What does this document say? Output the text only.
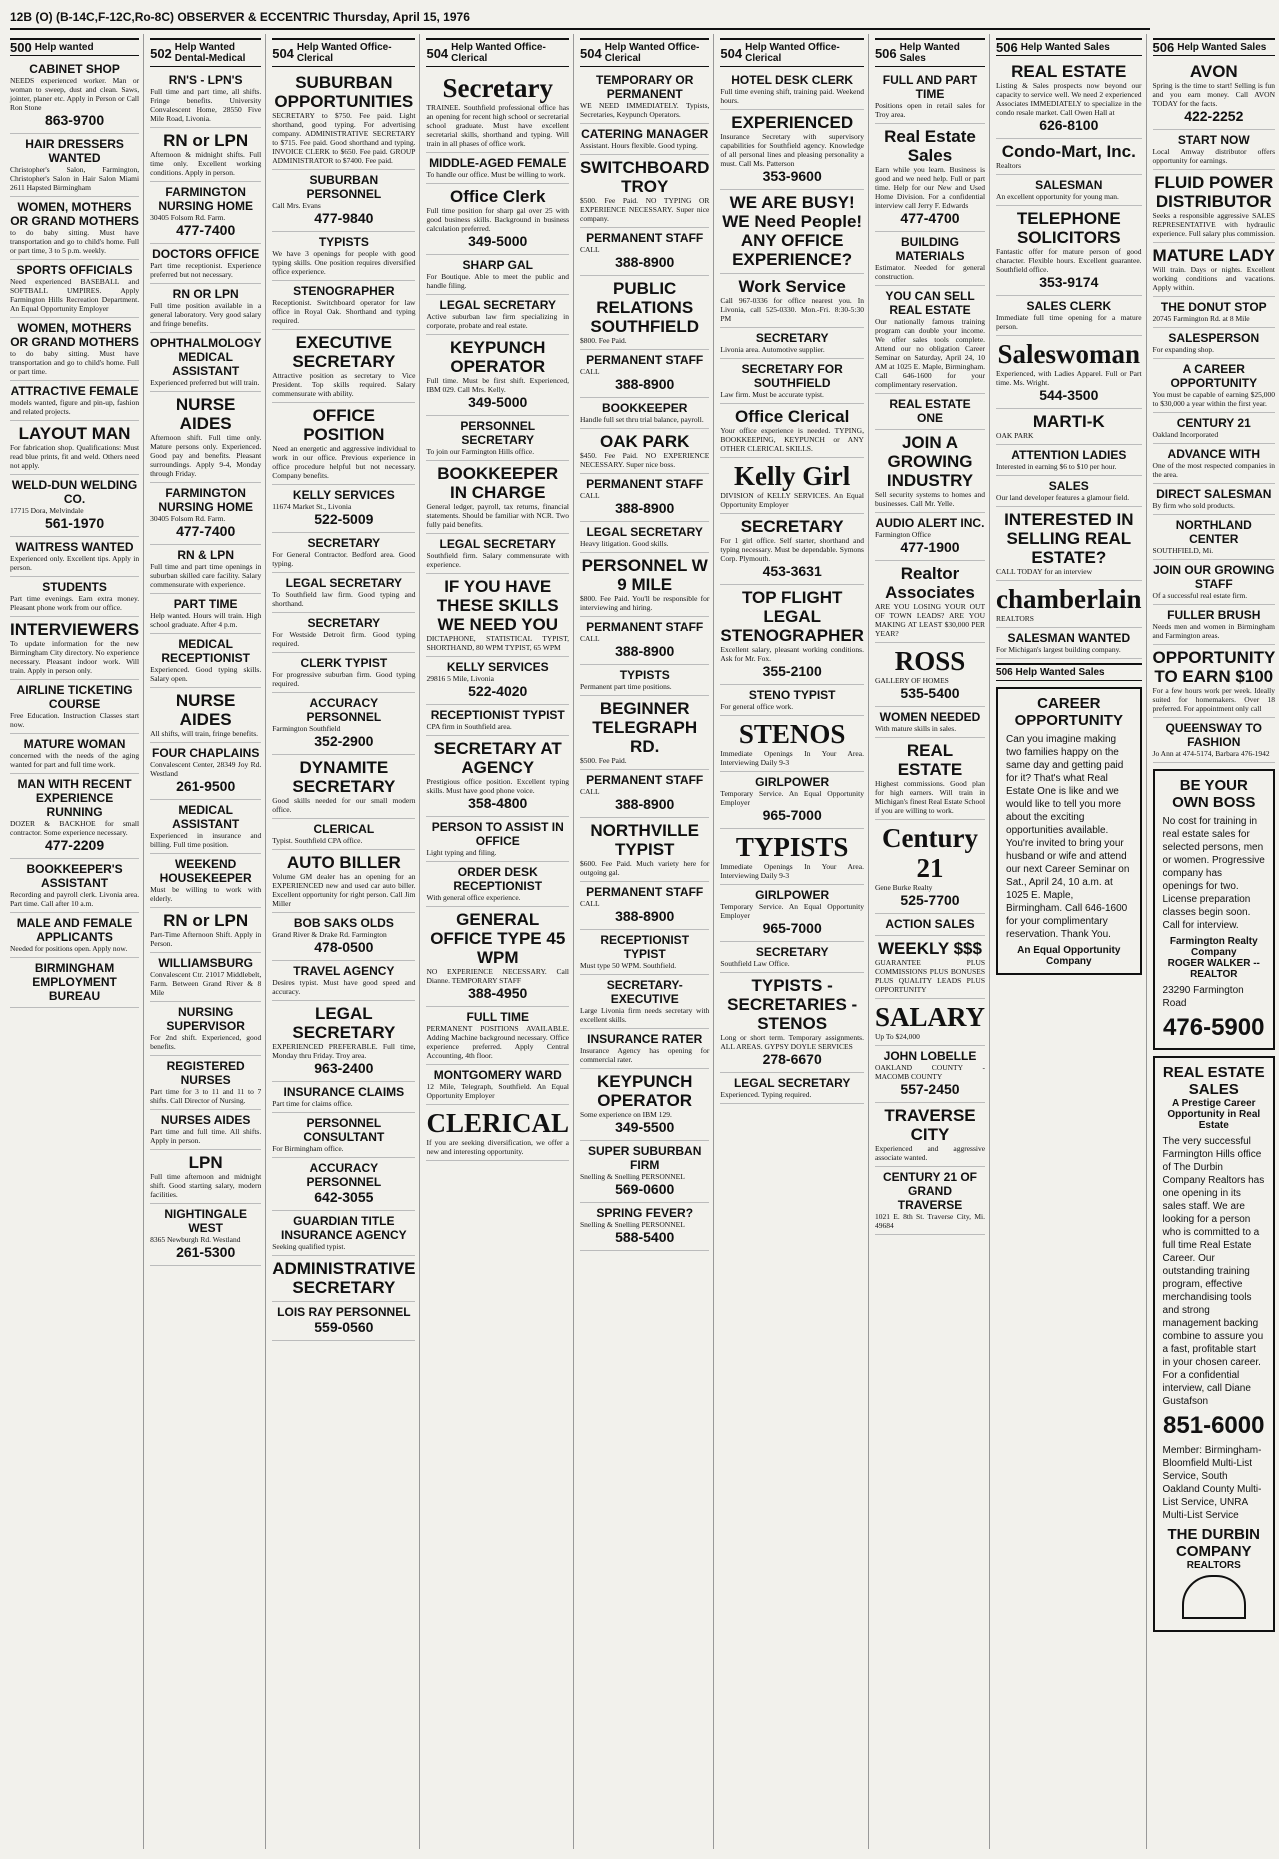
12B (O) (B-14C,F-12C,Ro-8C) OBSERVER & ECCENTRIC Thursday, April 15, 1976
500 Help wanted
CABINET SHOP
NEEDS experienced worker. Man or woman to sweep, dust and clean. Saws, jointer, planer etc. Apply in Person or Call Ron Stone
863-9700
HAIR DRESSERS WANTED
Christopher's Salon, Farmington, Christopher's Salon in Hair Salon Miami 2611 Hapsted Birmingham
WOMEN, MOTHERS OR GRAND MOTHERS
to do baby sitting. Must have transportation and go to child's home. Full or part time, 3 to 5 p.m. weekly.
SPORTS OFFICIALS
Need experienced BASEBALL and SOFTBALL UMPIRES. Apply Farmington Hills Recreation Department. An Equal Opportunity Employer
WOMEN, MOTHERS OR GRAND MOTHERS
to do baby sitting. Must have transportation and go to child's home. Full or part time.
ATTRACTIVE FEMALE
models wanted, figure and pin-up, fashion and related projects.
LAYOUT MAN
For fabrication shop. Qualifications: Must read blue prints, fit and weld. Others need not apply.
WELD-DUN WELDING CO.
17715 Dora, Melvindale
561-1970
WAITRESS WANTED
Experienced only. Excellent tips. Apply in person.
STUDENTS
Part time evenings. Earn extra money. Pleasant phone work from our office.
INTERVIEWERS
To update information for the new Birmingham City directory. No experience necessary. Pleasant indoor work. Will train. Apply in person only.
AIRLINE TICKETING COURSE
Free Education. Instruction Classes start now.
MATURE WOMAN
concerned with the needs of the aging wanted for part and full time work.
MAN WITH RECENT EXPERIENCE RUNNING
DOZER & BACKHOE for small contractor. Some experience necessary.
477-2209
BOOKKEEPER'S ASSISTANT
Recording and payroll clerk. Livonia area. Part time. Call after 10 a.m.
MALE AND FEMALE APPLICANTS
Needed for positions open. Apply now.
BIRMINGHAM EMPLOYMENT BUREAU
502 Help Wanted Dental-Medical
RN'S - LPN'S
Full time and part time, all shifts. Fringe benefits. University Convalescent Home, 28550 Five Mile Road, Livonia.
RN or LPN
Afternoon & midnight shifts. Full time only. Excellent working conditions. Apply in person.
FARMINGTON NURSING HOME
30405 Folsom Rd. Farm.
477-7400
DOCTORS OFFICE
Part time receptionist. Experience preferred but not necessary.
RN OR LPN
Full time position available in a general laboratory. Very good salary and fringe benefits.
OPHTHALMOLOGY MEDICAL ASSISTANT
Experienced preferred but will train.
NURSE AIDES
Afternoon shift. Full time only. Mature persons only. Experienced. Good pay and benefits. Pleasant surroundings. Apply 9-4, Monday through Friday.
FARMINGTON NURSING HOME
30405 Folsom Rd. Farm.
477-7400
RN & LPN
Full time and part time openings in suburban skilled care facility. Salary commensurate with experience.
PART TIME
Help wanted. Hours will train. High school graduate. After 4 p.m.
MEDICAL RECEPTIONIST
Experienced. Good typing skills. Salary open.
NURSE AIDES
All shifts, will train, fringe benefits.
FOUR CHAPLAINS
Convalescent Center, 28349 Joy Rd. Westland
261-9500
MEDICAL ASSISTANT
Experienced in insurance and billing. Full time position.
WEEKEND HOUSEKEEPER
Must be willing to work with elderly.
RN or LPN
Part-Time Afternoon Shift. Apply in Person.
WILLIAMSBURG
Convalescent Ctr. 21017 Middlebelt, Farm. Between Grand River & 8 Mile
NURSING SUPERVISOR
For 2nd shift. Experienced, good benefits.
REGISTERED NURSES
Part time for 3 to 11 and 11 to 7 shifts. Call Director of Nursing.
NURSES AIDES
Part time and full time. All shifts. Apply in person.
LPN
Full time afternoon and midnight shift. Good starting salary, modern facilities.
NIGHTINGALE WEST
8365 Newburgh Rd. Westland
261-5300
504 Help Wanted Office-Clerical
SUBURBAN OPPORTUNITIES
SECRETARY to $750. Fee paid. Light shorthand, good typing. For advertising company. ADMINISTRATIVE SECRETARY to $715. Fee paid. Good shorthand and typing. INVOICE CLERK to $650. Fee paid. GROUP ADMINISTRATOR to $7400. Fee paid.
SUBURBAN PERSONNEL
Call Mrs. Evans
477-9840
TYPISTS
We have 3 openings for people with good typing skills. One position requires diversified office experience.
STENOGRAPHER
Receptionist. Switchboard operator for law office in Royal Oak. Shorthand and typing required.
EXECUTIVE SECRETARY
Attractive position as secretary to Vice President. Top skills required. Salary commensurate with ability.
OFFICE POSITION
Need an energetic and aggressive individual to work in our office. Previous experience in office procedure helpful but not necessary. Company benefits.
KELLY SERVICES
11674 Market St., Livonia
522-5009
SECRETARY
For General Contractor. Bedford area. Good typing.
LEGAL SECRETARY
To Southfield law firm. Good typing and shorthand.
SECRETARY
For Westside Detroit firm. Good typing required.
CLERK TYPIST
For progressive suburban firm. Good typing required.
ACCURACY PERSONNEL
Farmington Southfield
352-2900
DYNAMITE SECRETARY
Good skills needed for our small modern office.
CLERICAL
Typist. Southfield CPA office.
AUTO BILLER
Volume GM dealer has an opening for an EXPERIENCED new and used car auto biller. Excellent opportunity for right person. Call Jim Miller
BOB SAKS OLDS
Grand River & Drake Rd. Farmington
478-0500
TRAVEL AGENCY
Desires typist. Must have good speed and accuracy.
LEGAL SECRETARY
EXPERIENCED PREFERABLE. Full time, Monday thru Friday. Troy area.
963-2400
INSURANCE CLAIMS
Part time for claims office.
PERSONNEL CONSULTANT
For Birmingham office.
ACCURACY PERSONNEL
642-3055
GUARDIAN TITLE INSURANCE AGENCY
Seeking qualified typist.
ADMINISTRATIVE SECRETARY
LOIS RAY PERSONNEL
559-0560
504 Help Wanted Office-Clerical
Secretary
TRAINEE. Southfield professional office has an opening for recent high school or secretarial school graduate. Must have excellent secretarial skills, shorthand and typing. Will train in all phases of office work.
MIDDLE-AGED FEMALE
To handle our office. Must be willing to work.
Office Clerk
Full time position for sharp gal over 25 with good business skills. Background in business calculation preferred.
349-5000
SHARP GAL
For Boutique. Able to meet the public and handle filing.
LEGAL SECRETARY
Active suburban law firm specializing in corporate, probate and real estate.
KEYPUNCH OPERATOR
Full time. Must be first shift. Experienced, IBM 029. Call Mrs. Kelly.
349-5000
PERSONNEL SECRETARY
To join our Farmington Hills office.
BOOKKEEPER IN CHARGE
General ledger, payroll, tax returns, financial statements. Should be familiar with NCR. Two fully paid benefits.
LEGAL SECRETARY
Southfield firm. Salary commensurate with experience.
IF YOU HAVE THESE SKILLS WE NEED YOU
DICTAPHONE, STATISTICAL TYPIST, SHORTHAND, 80 WPM TYPIST, 65 WPM
KELLY SERVICES
29816 5 Mile, Livonia
522-4020
RECEPTIONIST TYPIST
CPA firm in Southfield area.
SECRETARY AT AGENCY
Prestigious office position. Excellent typing skills. Must have good phone voice.
358-4800
PERSON TO ASSIST IN OFFICE
Light typing and filing.
ORDER DESK RECEPTIONIST
With general office experience.
GENERAL OFFICE TYPE 45 WPM
NO EXPERIENCE NECESSARY. Call Dianne. TEMPORARY STAFF
388-4950
FULL TIME
PERMANENT POSITIONS AVAILABLE. Adding Machine background necessary. Office experience preferred. Apply Central Accounting, 4th floor.
MONTGOMERY WARD
12 Mile, Telegraph, Southfield. An Equal Opportunity Employer
CLERICAL
If you are seeking diversification, we offer a new and interesting opportunity.
504 Help Wanted Office-Clerical
TEMPORARY OR PERMANENT
WE NEED IMMEDIATELY. Typists, Secretaries, Keypunch Operators.
CATERING MANAGER
Assistant. Hours flexible. Good typing.
SWITCHBOARD TROY
$500. Fee Paid. NO TYPING OR EXPERIENCE NECESSARY. Super nice company.
PERMANENT STAFF
CALL
388-8900
PUBLIC RELATIONS SOUTHFIELD
$800. Fee Paid.
PERMANENT STAFF
CALL
388-8900
BOOKKEEPER
Handle full set thru trial balance, payroll.
OAK PARK
$450. Fee Paid. NO EXPERIENCE NECESSARY. Super nice boss.
PERMANENT STAFF
CALL
388-8900
LEGAL SECRETARY
Heavy litigation. Good skills.
PERSONNEL W 9 MILE
$800. Fee Paid. You'll be responsible for interviewing and hiring.
PERMANENT STAFF
CALL
388-8900
TYPISTS
Permanent part time positions.
BEGINNER TELEGRAPH RD.
$500. Fee Paid.
PERMANENT STAFF
CALL
388-8900
NORTHVILLE TYPIST
$600. Fee Paid. Much variety here for outgoing gal.
PERMANENT STAFF
CALL
388-8900
RECEPTIONIST TYPIST
Must type 50 WPM. Southfield.
SECRETARY-EXECUTIVE
Large Livonia firm needs secretary with excellent skills.
INSURANCE RATER
Insurance Agency has opening for commercial rater.
KEYPUNCH OPERATOR
Some experience on IBM 129.
349-5500
SUPER SUBURBAN FIRM
Snelling & Snelling PERSONNEL
569-0600
SPRING FEVER?
Snelling & Snelling PERSONNEL
588-5400
504 Help Wanted Office-Clerical
HOTEL DESK CLERK
Full time evening shift, training paid. Weekend hours.
EXPERIENCED
Insurance Secretary with supervisory capabilities for Southfield agency. Knowledge of all personal lines and pleasing personality a must. Call Ms. Patterson
353-9600
WE ARE BUSY! WE Need People! ANY OFFICE EXPERIENCE?
Work Service
Call 967-0336 for office nearest you. In Livonia, call 525-0330. Mon.-Fri. 8:30-5:30 PM
SECRETARY
Livonia area. Automotive supplier.
SECRETARY FOR SOUTHFIELD
Law firm. Must be accurate typist.
Office Clerical
Your office experience is needed. TYPING, BOOKKEEPING, KEYPUNCH or ANY OTHER CLERICAL SKILLS.
Kelly Girl
DIVISION of KELLY SERVICES. An Equal Opportunity Employer
SECRETARY
For 1 girl office. Self starter, shorthand and typing necessary. Must be dependable. Symons Corp. Plymouth.
453-3631
TOP FLIGHT LEGAL STENOGRAPHER
Excellent salary, pleasant working conditions. Ask for Mr. Fox.
355-2100
STENO TYPIST
For general office work.
STENOS
Immediate Openings In Your Area. Interviewing Daily 9-3
GIRLPOWER
Temporary Service. An Equal Opportunity Employer
965-7000
TYPISTS
Immediate Openings In Your Area. Interviewing Daily 9-3
GIRLPOWER
Temporary Service. An Equal Opportunity Employer
965-7000
SECRETARY
Southfield Law Office.
TYPISTS - SECRETARIES - STENOS
Long or short term. Temporary assignments. ALL AREAS. GYPSY DOYLE SERVICES
278-6670
LEGAL SECRETARY
Experienced. Typing required.
506 Help Wanted Sales
FULL AND PART TIME
Positions open in retail sales for Troy area.
Real Estate Sales
Earn while you learn. Business is good and we need help. Full or part time. Help for our New and Used Home Division. For a confidential interview call Jerry F. Edwards
477-4700
BUILDING MATERIALS
Estimator. Needed for general construction.
YOU CAN SELL REAL ESTATE
Our nationally famous training program can double your income. We offer sales tools complete. Attend our no obligation Career Seminar on Saturday, April 24, 10 AM at 1025 E. Maple, Birmingham. Call 646-1600 for your complimentary reservation.
REAL ESTATE ONE
JOIN A GROWING INDUSTRY
Sell security systems to homes and businesses. Call Mr. Yelle.
AUDIO ALERT INC.
Farmington Office
477-1900
Realtor Associates
ARE YOU LOSING YOUR OUT OF TOWN LEADS? ARE YOU MAKING AT LEAST $30,000 PER YEAR?
ROSS
GALLERY OF HOMES
535-5400
WOMEN NEEDED
With mature skills in sales.
REAL ESTATE
Highest commissions. Good plan for high earners. Will train in Michigan's finest Real Estate School if you are willing to work.
Century 21
Gene Burke Realty
525-7700
ACTION SALES
WEEKLY $$$
GUARANTEE PLUS COMMISSIONS PLUS BONUSES PLUS QUALITY LEADS PLUS OPPORTUNITY
SALARY
Up To $24,000
JOHN LOBELLE
OAKLAND COUNTY - MACOMB COUNTY
557-2450
TRAVERSE CITY
Experienced and aggressive associate wanted.
CENTURY 21 OF GRAND TRAVERSE
1021 E. 8th St. Traverse City, Mi. 49684
506 Help Wanted Sales
REAL ESTATE
Listing & Sales prospects now beyond our capacity to service well. We need 2 experienced Associates IMMEDIATELY to specialize in the condo resale market. Call Owen Hall at
626-8100
Condo-Mart, Inc.
Realtors
SALESMAN
An excellent opportunity for young man.
TELEPHONE SOLICITORS
Fantastic offer for mature person of good character. Flexible hours. Excellent guarantee. Southfield office.
353-9174
SALES CLERK
Immediate full time opening for a mature person.
Saleswoman
Experienced, with Ladies Apparel. Full or Part time. Ms. Wright.
544-3500
MARTI-K
OAK PARK
ATTENTION LADIES
Interested in earning $6 to $10 per hour.
SALES
Our land developer features a glamour field.
INTERESTED IN SELLING REAL ESTATE?
CALL TODAY for an interview
chamberlain
REALTORS
SALESMAN WANTED
For Michigan's largest building company.
506 Help Wanted Sales
CAREER OPPORTUNITY
Can you imagine making two families happy on the same day and getting paid for it? That's what Real Estate One is like and we would like to tell you more about the exciting opportunities available. You're invited to bring your husband or wife and attend our next Career Seminar on Sat., April 24, 10 a.m. at 1025 E. Maple, Birmingham. Call 646-1600 for your complimentary reservation. Thank You.
An Equal Opportunity Company
506 Help Wanted Sales
AVON
Spring is the time to start! Selling is fun and you earn money. Call AVON TODAY for the facts.
422-2252
START NOW
Local Amway distributor offers opportunity for earnings.
FLUID POWER DISTRIBUTOR
Seeks a responsible aggressive SALES REPRESENTATIVE with hydraulic experience. Full salary plus commission.
MATURE LADY
Will train. Days or nights. Excellent working conditions and vacations. Apply within.
THE DONUT STOP
20745 Farmington Rd. at 8 Mile
SALESPERSON
For expanding shop.
A CAREER OPPORTUNITY
You must be capable of earning $25,000 to $30,000 a year within the first year.
CENTURY 21
Oakland Incorporated
ADVANCE WITH
One of the most respected companies in the area.
DIRECT SALESMAN
By firm who sold products.
NORTHLAND CENTER
SOUTHFIELD, Mi.
JOIN OUR GROWING STAFF
Of a successful real estate firm.
FULLER BRUSH
Needs men and women in Birmingham and Farmington areas.
OPPORTUNITY TO EARN $100
For a few hours work per week. Ideally suited for homemakers. Over 18 preferred. For appointment only call
QUEENSWAY TO FASHION
Jo Ann at 474-5174, Barbara 476-1942
BE YOUR OWN BOSS
No cost for training in real estate sales for selected persons, men or women. Progressive company has openings for two. License preparation classes begin soon. Call for interview.
Farmington Realty Company
ROGER WALKER -- REALTOR
23290 Farmington Road
476-5900
REAL ESTATE SALES
A Prestige Career Opportunity in Real Estate
The very successful Farmington Hills office of The Durbin Company Realtors has one opening in its sales staff. We are looking for a person who is committed to a full time Real Estate Career. Our outstanding training program, effective merchandising tools and strong management backing combine to assure you a fast, profitable start in your chosen career. For a confidential interview, call Diane Gustafson
851-6000
Member: Birmingham-Bloomfield Multi-List Service, South Oakland County Multi-List Service, UNRA Multi-List Service
THE DURBIN COMPANY
REALTORS
